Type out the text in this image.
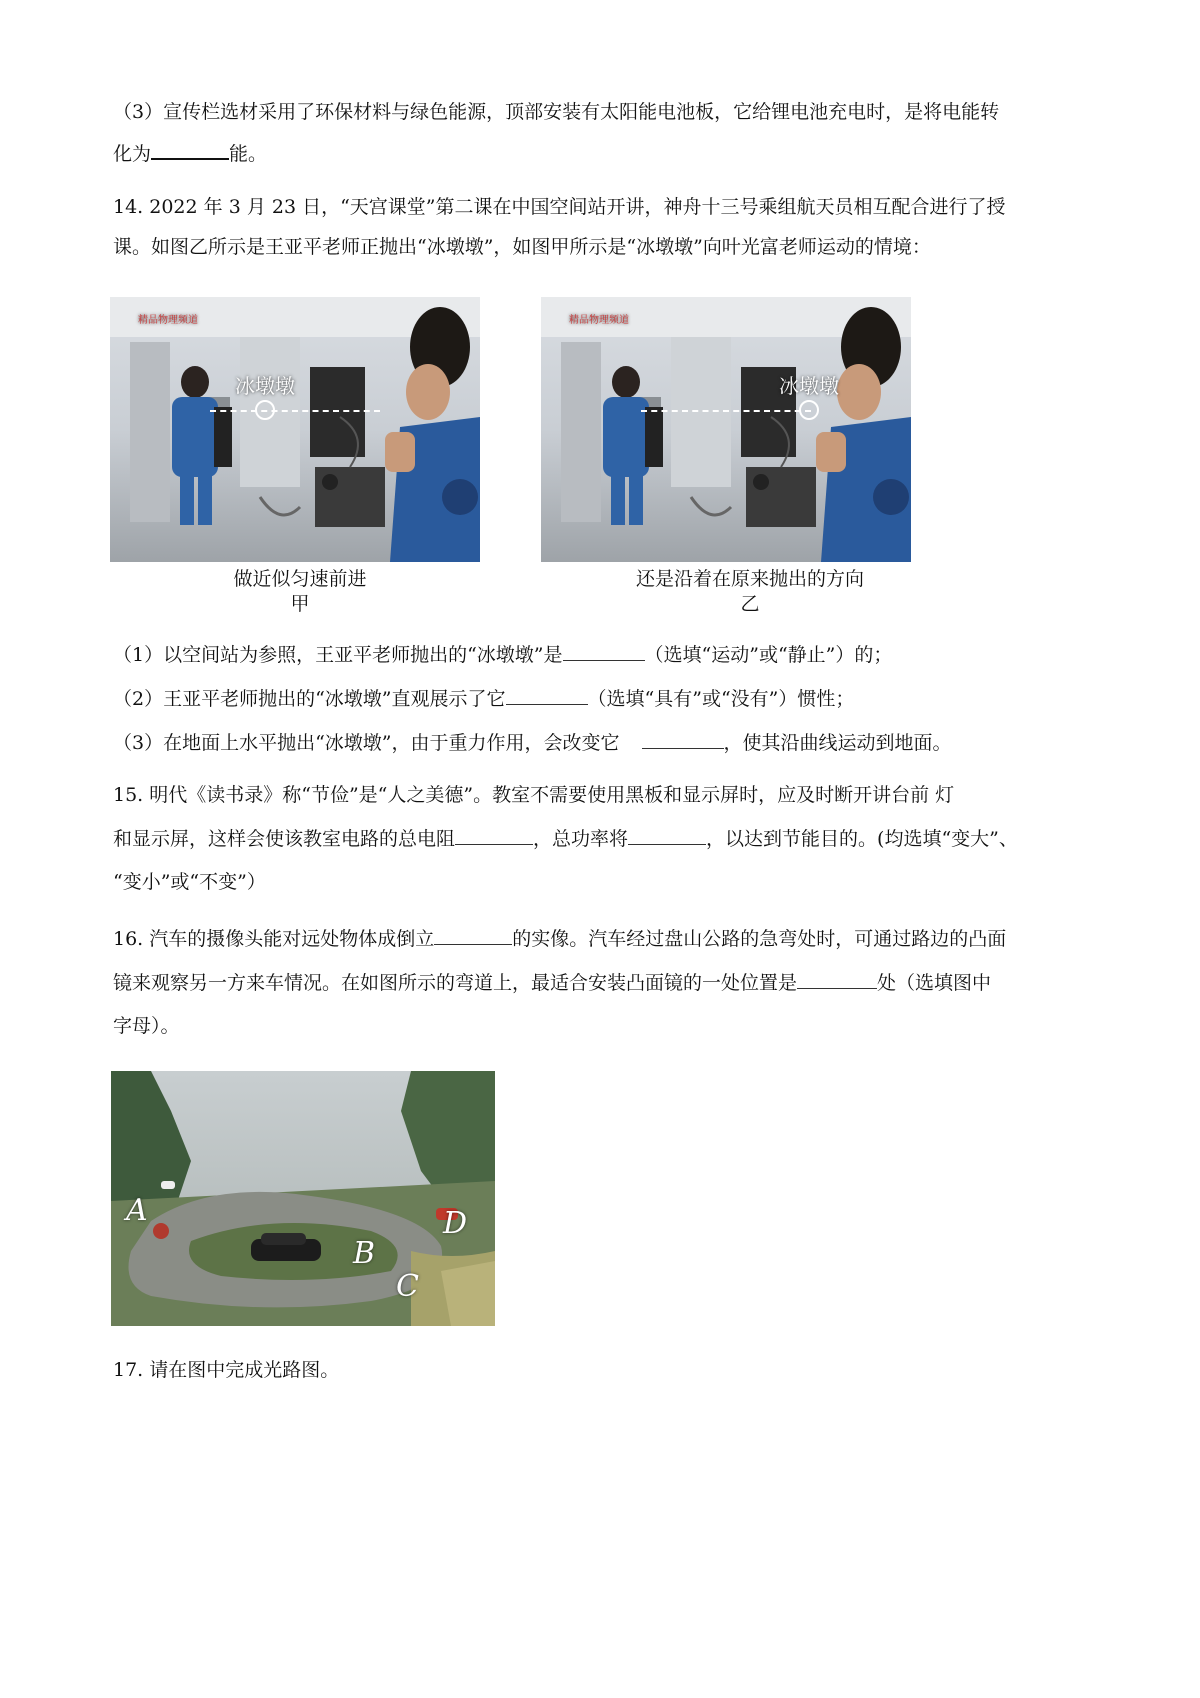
（3）宣传栏选材采用了环保材料与绿色能源，顶部安装有太阳能电池板，它给锂电池充电时，是将电能转
化为	能。
14. 2022 年 3 月 23 日，“天宫课堂”第二课在中国空间站开讲，神舟十三号乘组航天员相互配合进行了授
课。如图乙所示是王亚平老师正抛出“冰墩墩”，如图甲所示是“冰墩墩”向叶光富老师运动的情境：
冰墩墩
精品物理频道
做近似匀速前进
甲
冰墩墩
精品物理频道
还是沿着在原来抛出的方向
乙
（1）以空间站为参照，王亚平老师抛出的“冰墩墩”是	（选填“运动”或“静止”）的；
（2）王亚平老师抛出的“冰墩墩”直观展示了它	（选填“具有”或“没有”）惯性；
（3）在地面上水平抛出“冰墩墩”，由于重力作用，会改变它	，使其沿曲线运动到地面。
15. 明代《读书录》称“节俭”是“人之美德”。教室不需要使用黑板和显示屏时，应及时断开讲台前 灯
和显示屏，这样会使该教室电路的总电阻	，总功率将	，以达到节能目的。(均选填“变大”、
“变小”或“不变”）
16. 汽车的摄像头能对远处物体成倒立	的实像。汽车经过盘山公路的急弯处时，可通过路边的凸面
镜来观察另一方来车情况。在如图所示的弯道上，最适合安装凸面镜的一处位置是	处（选填图中
字母）。
A
B
C
D
17. 请在图中完成光路图。
